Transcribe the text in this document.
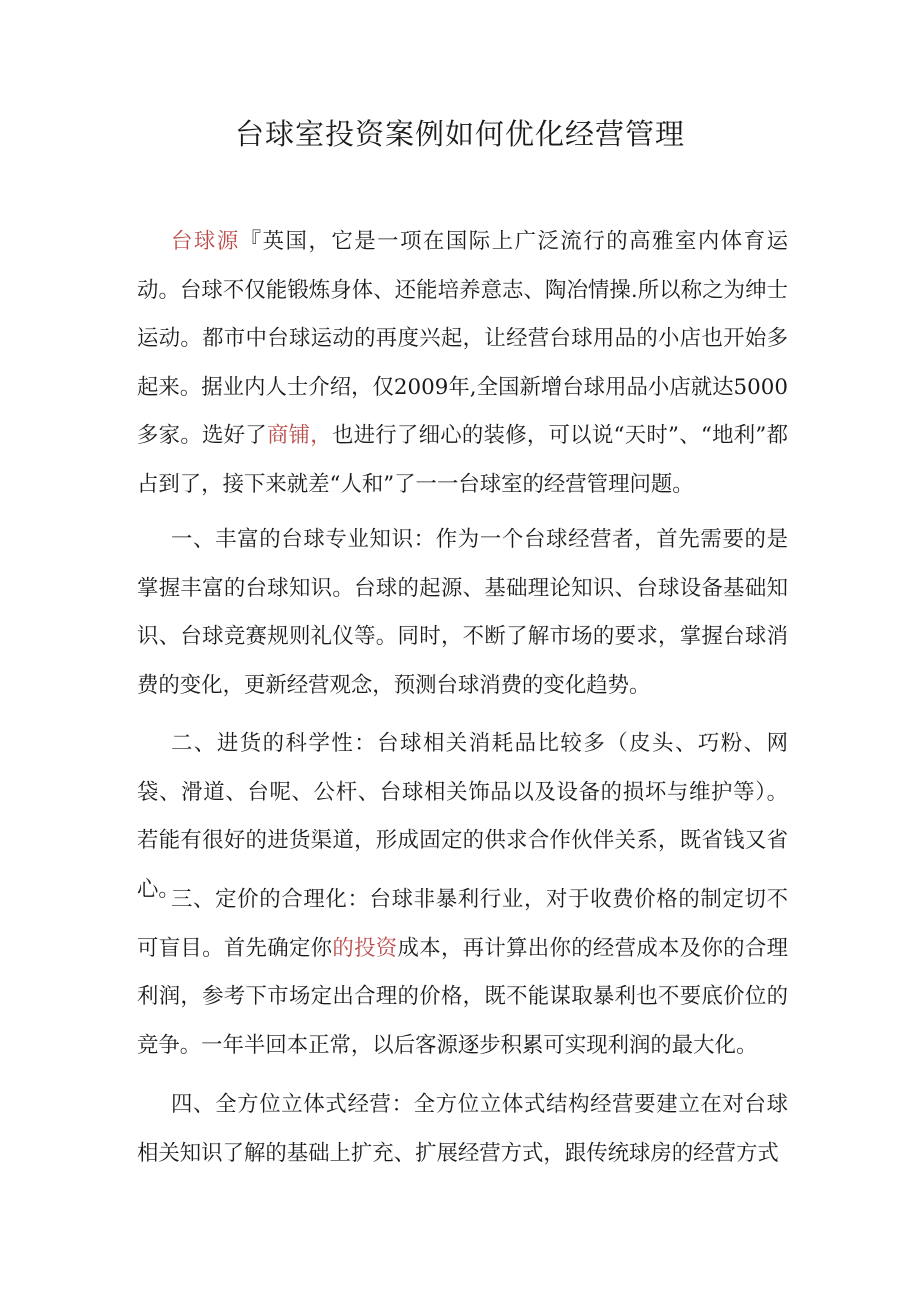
台球室投资案例如何优化经营管理

台球源『英国，它是一项在国际上广泛流行的高雅室内体育运动。台球不仅能锻炼身体、还能培养意志、陶冶情操.所以称之为绅士运动。都市中台球运动的再度兴起，让经营台球用品的小店也开始多起来。据业内人士介绍，仅2009年,全国新增台球用品小店就达5000多家。选好了商铺，也进行了细心的装修，可以说“天时”、“地利”都占到了，接下来就差“人和”了一一台球室的经营管理问题。

一、丰富的台球专业知识：作为一个台球经营者，首先需要的是掌握丰富的台球知识。台球的起源、基础理论知识、台球设备基础知识、台球竞赛规则礼仪等。同时，不断了解市场的要求，掌握台球消费的变化，更新经营观念，预测台球消费的变化趋势。

二、进货的科学性：台球相关消耗品比较多（皮头、巧粉、网袋、滑道、台呢、公杆、台球相关饰品以及设备的损坏与维护等）。若能有很好的进货渠道，形成固定的供求合作伙伴关系，既省钱又省心。

三、定价的合理化：台球非暴利行业，对于收费价格的制定切不可盲目。首先确定你的投资成本，再计算出你的经营成本及你的合理利润，参考下市场定出合理的价格，既不能谋取暴利也不要底价位的竞争。一年半回本正常，以后客源逐步积累可实现利润的最大化。

四、全方位立体式经营：全方位立体式结构经营要建立在对台球相关知识了解的基础上扩充、扩展经营方式，跟传统球房的经营方式
